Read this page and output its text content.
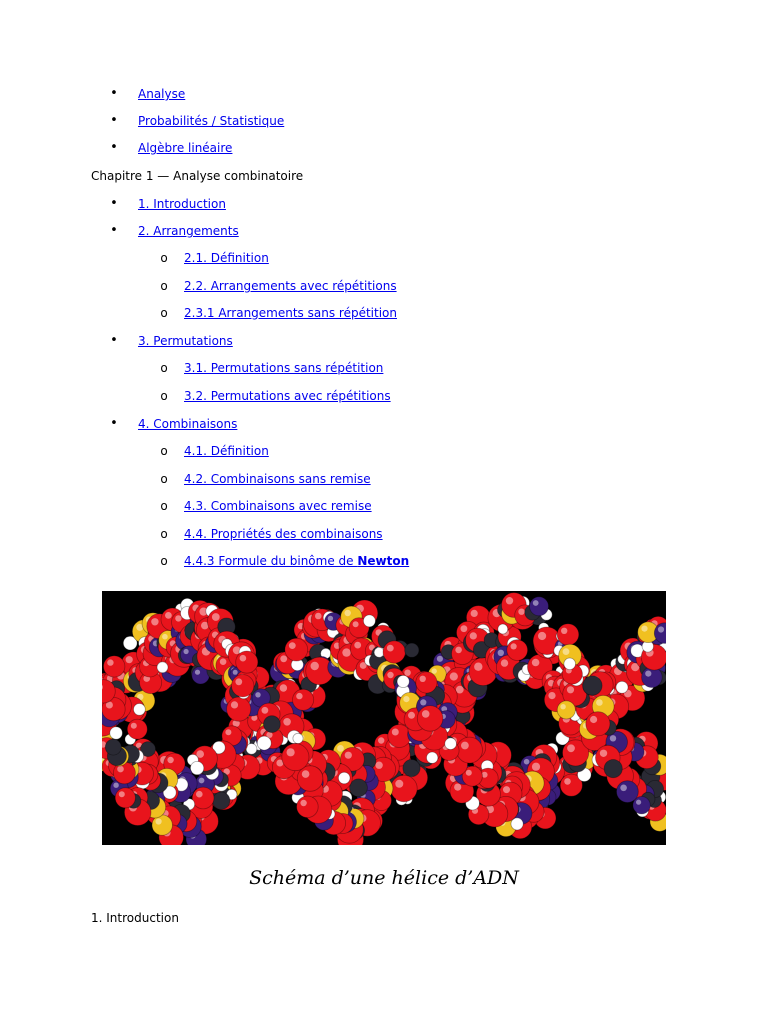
• Analyse
• Probabilités / Statistique
• Algèbre linéaire
Chapitre 1 — Analyse combinatoire
• 1. Introduction
• 2. Arrangements
o 2.1. Définition
o 2.2. Arrangements avec répétitions
o 2.3.1 Arrangements sans répétition
• 3. Permutations
o 3.1. Permutations sans répétition
o 3.2. Permutations avec répétitions
• 4. Combinaisons
o 4.1. Définition
o 4.2. Combinaisons sans remise
o 4.3. Combinaisons avec remise
o 4.4. Propriétés des combinaisons
o 4.4.3 Formule du binôme de Newton
Schéma d’une hélice d’ADN
1. Introduction
